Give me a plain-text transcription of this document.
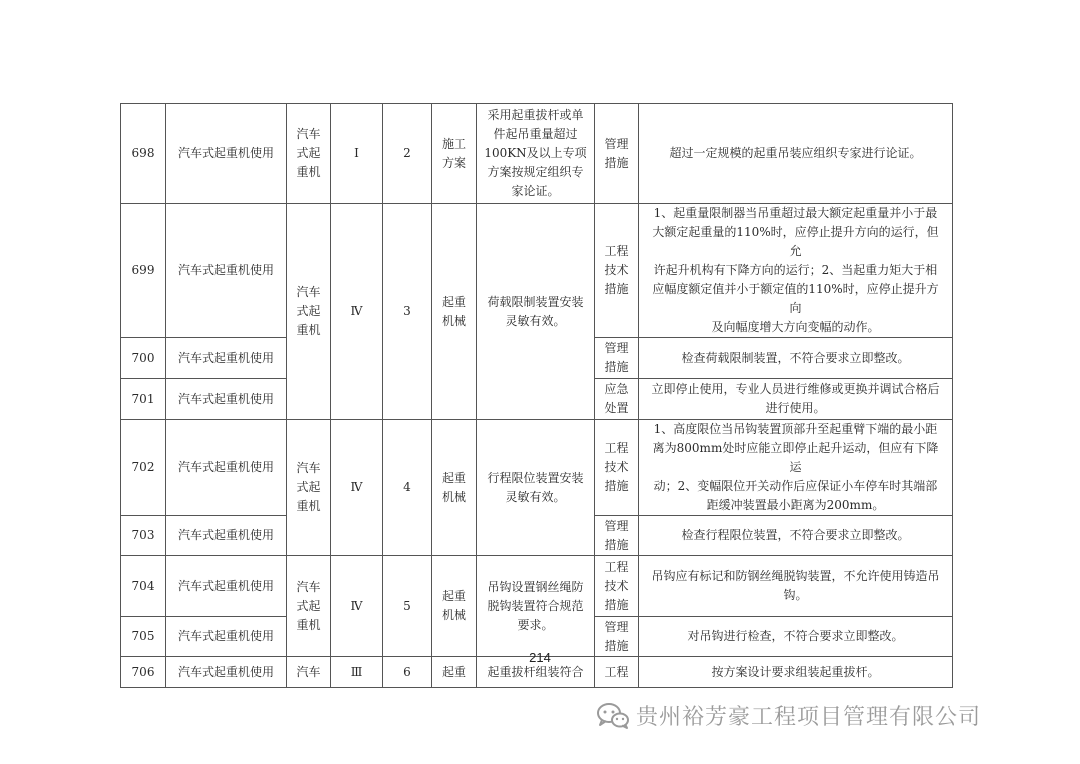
698	汽车式起重机使用	汽车
式起
重机	Ⅰ	2	施工
方案	采用起重拔杆或单
件起吊重量超过
100KN及以上专项
方案按规定组织专
家论证。	管理
措施	超过一定规模的起重吊装应组织专家进行论证。
699	汽车式起重机使用	汽车
式起
重机	Ⅳ	3	起重
机械	荷载限制装置安装
灵敏有效。	工程
技术
措施	1、起重量限制器当吊重超过最大额定起重量并小于最
大额定起重量的110%时，应停止提升方向的运行，但允
许起升机构有下降方向的运行；2、当起重力矩大于相
应幅度额定值并小于额定值的110%时，应停止提升方向
及向幅度增大方向变幅的动作。
700	汽车式起重机使用						管理
措施	检查荷载限制装置，不符合要求立即整改。
701	汽车式起重机使用						应急
处置	立即停止使用，专业人员进行维修或更换并调试合格后
进行使用。
702	汽车式起重机使用	汽车
式起
重机	Ⅳ	4	起重
机械	行程限位装置安装
灵敏有效。	工程
技术
措施	1、高度限位当吊钩装置顶部升至起重臂下端的最小距
离为800mm处时应能立即停止起升运动，但应有下降运
动；2、变幅限位开关动作后应保证小车停车时其端部
距缓冲装置最小距离为200mm。
703	汽车式起重机使用						管理
措施	检查行程限位装置，不符合要求立即整改。
704	汽车式起重机使用	汽车
式起
重机	Ⅳ	5	起重
机械	吊钩设置钢丝绳防
脱钩装置符合规范
要求。	工程
技术
措施	吊钩应有标记和防钢丝绳脱钩装置，不允许使用铸造吊
钩。
705	汽车式起重机使用						管理
措施	对吊钩进行检查，不符合要求立即整改。
706	汽车式起重机使用	汽车	Ⅲ	6	起重	起重拔杆组装符合	工程	按方案设计要求组装起重拔杆。
214
贵州裕芳豪工程项目管理有限公司
